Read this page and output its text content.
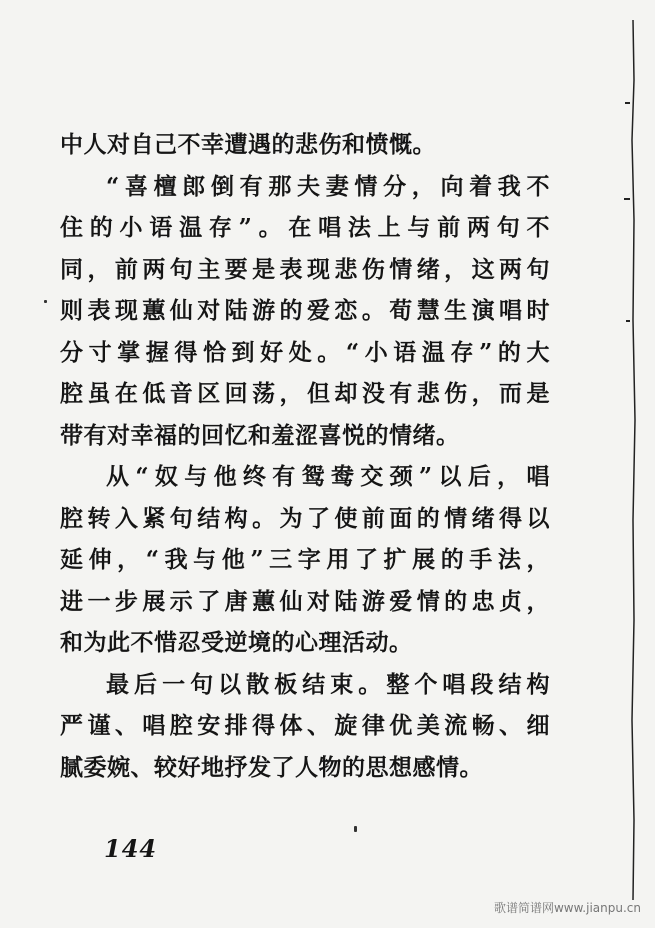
中人对自己不幸遭遇的悲伤和愤慨。
“喜檀郎倒有那夫妻情分，向着我不
住的小语温存”。在唱法上与前两句不
同，前两句主要是表现悲伤情绪，这两句
则表现蕙仙对陆游的爱恋。荀慧生演唱时
分寸掌握得恰到好处。“小语温存”的大
腔虽在低音区回荡，但却没有悲伤，而是
带有对幸福的回忆和羞涩喜悦的情绪。
从“奴与他终有鸳鸯交颈”以后，唱
腔转入紧句结构。为了使前面的情绪得以
延伸，“我与他”三字用了扩展的手法，
进一步展示了唐蕙仙对陆游爱情的忠贞，
和为此不惜忍受逆境的心理活动。
最后一句以散板结束。整个唱段结构
严谨、唱腔安排得体、旋律优美流畅、细
腻委婉、较好地抒发了人物的思想感情。
144
歌谱简谱网www.jianpu.cn
